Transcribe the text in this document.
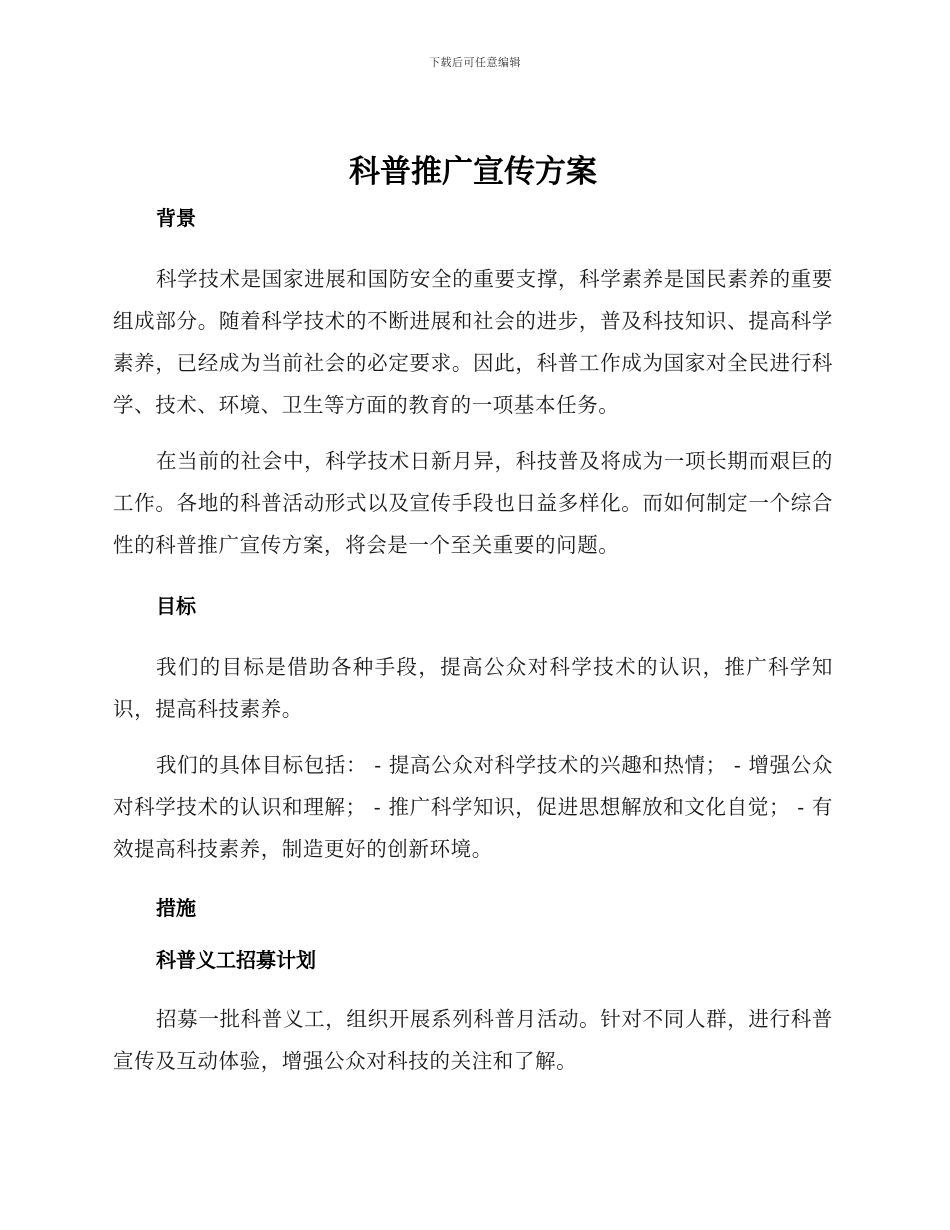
下载后可任意编辑
科普推广宣传方案
背景

科学技术是国家进展和国防安全的重要支撑，科学素养是国民素养的重要组成部分。随着科学技术的不断进展和社会的进步，普及科技知识、提高科学素养，已经成为当前社会的必定要求。因此，科普工作成为国家对全民进行科学、技术、环境、卫生等方面的教育的一项基本任务。

在当前的社会中，科学技术日新月异，科技普及将成为一项长期而艰巨的工作。各地的科普活动形式以及宣传手段也日益多样化。而如何制定一个综合性的科普推广宣传方案，将会是一个至关重要的问题。

目标

我们的目标是借助各种手段，提高公众对科学技术的认识，推广科学知识，提高科技素养。

我们的具体目标包括： - 提高公众对科学技术的兴趣和热情； - 增强公众对科学技术的认识和理解； - 推广科学知识，促进思想解放和文化自觉； - 有效提高科技素养，制造更好的创新环境。

措施
科普义工招募计划

招募一批科普义工，组织开展系列科普月活动。针对不同人群，进行科普宣传及互动体验，增强公众对科技的关注和了解。
